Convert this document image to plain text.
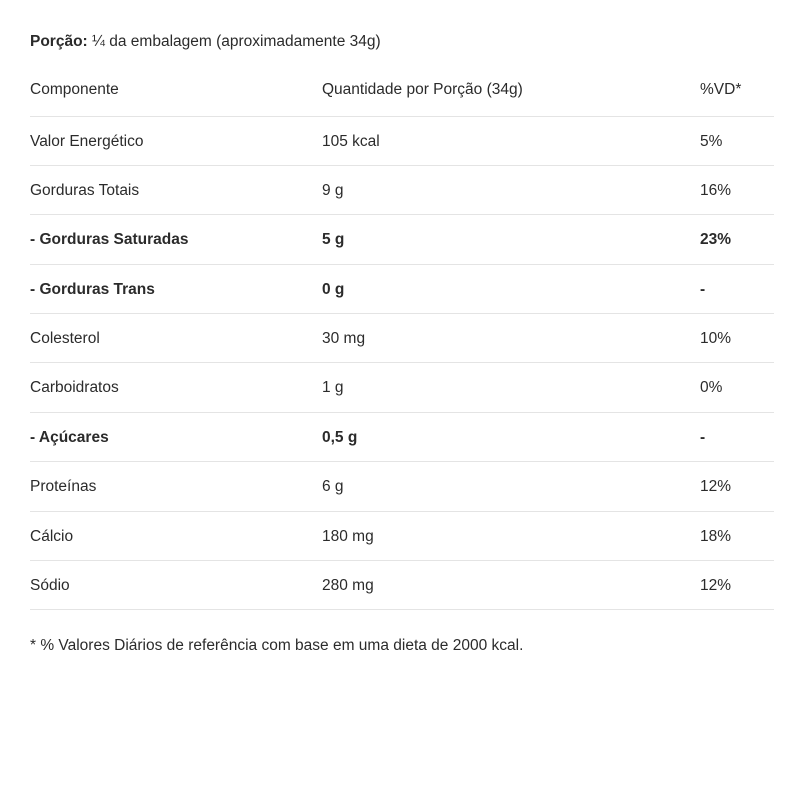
Porção: ¼ da embalagem (aproximadamente 34g)

Componente	Quantidade por Porção (34g)	%VD*
Valor Energético	105 kcal	5%
Gorduras Totais	9 g	16%
- Gorduras Saturadas	5 g	23%
- Gorduras Trans	0 g	-
Colesterol	30 mg	10%
Carboidratos	1 g	0%
- Açúcares	0,5 g	-
Proteínas	6 g	12%
Cálcio	180 mg	18%
Sódio	280 mg	12%

* % Valores Diários de referência com base em uma dieta de 2000 kcal.
